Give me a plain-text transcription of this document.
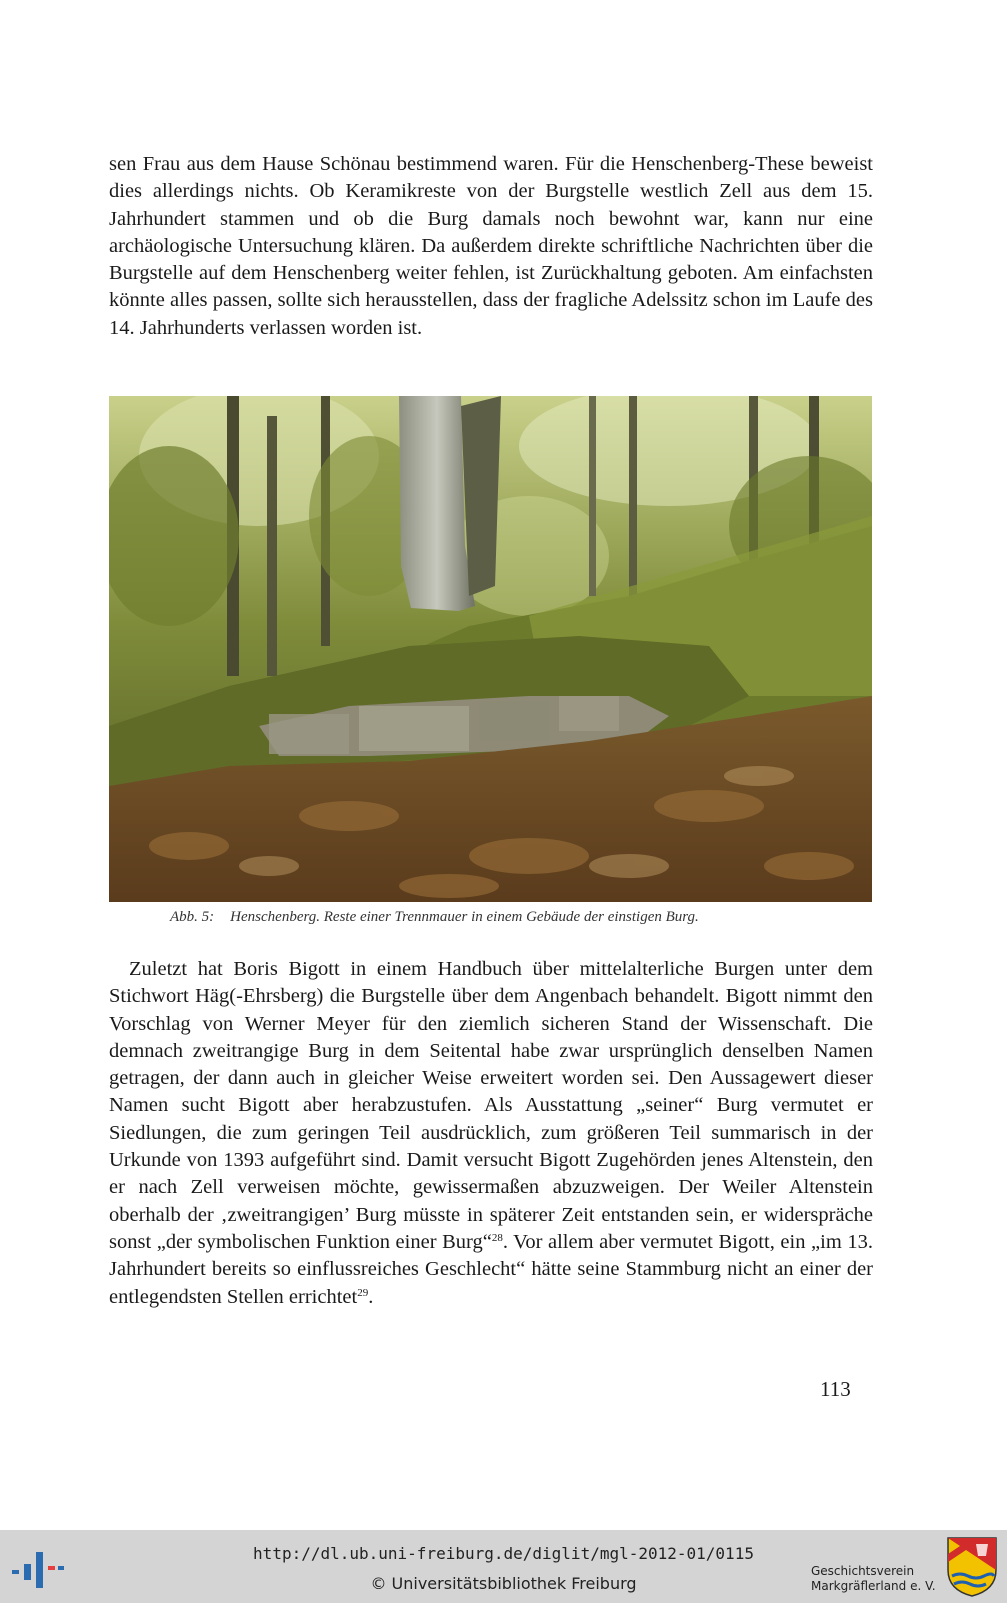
sen Frau aus dem Hause Schönau bestimmend waren. Für die Henschenberg-These beweist dies allerdings nichts. Ob Keramikreste von der Burgstelle westlich Zell aus dem 15. Jahrhundert stammen und ob die Burg damals noch bewohnt war, kann nur eine archäologische Untersuchung klären. Da außerdem direkte schriftliche Nachrichten über die Burgstelle auf dem Henschenberg weiter fehlen, ist Zurückhaltung geboten. Am einfachsten könnte alles passen, sollte sich herausstellen, dass der fragliche Adelssitz schon im Laufe des 14. Jahrhunderts verlassen worden ist.
Abb. 5: Henschenberg. Reste einer Trennmauer in einem Gebäude der einstigen Burg.
Zuletzt hat Boris Bigott in einem Handbuch über mittelalterliche Burgen unter dem Stichwort Häg(-Ehrsberg) die Burgstelle über dem Angenbach behandelt. Bigott nimmt den Vorschlag von Werner Meyer für den ziemlich sicheren Stand der Wissenschaft. Die demnach zweitrangige Burg in dem Seitental habe zwar ursprünglich denselben Namen getragen, der dann auch in gleicher Weise erweitert worden sei. Den Aussagewert dieser Namen sucht Bigott aber herabzustufen. Als Ausstattung „seiner“ Burg vermutet er Siedlungen, die zum geringen Teil ausdrücklich, zum größeren Teil summarisch in der Urkunde von 1393 aufgeführt sind. Damit versucht Bigott Zugehörden jenes Altenstein, den er nach Zell verweisen möchte, gewissermaßen abzuzweigen. Der Weiler Altenstein oberhalb der ‚zweitrangigen’ Burg müsste in späterer Zeit entstanden sein, er widerspräche sonst „der symbolischen Funktion einer Burg“$^{28}$. Vor allem aber vermutet Bigott, ein „im 13. Jahrhundert bereits so einflussreiches Geschlecht“ hätte seine Stammburg nicht an einer der entlegendsten Stellen errichtet$^{29}$.
113
http://dl.ub.uni-freiburg.de/diglit/mgl-2012-01/0115
© Universitätsbibliothek Freiburg
Geschichtsverein
Markgräflerland e. V.
